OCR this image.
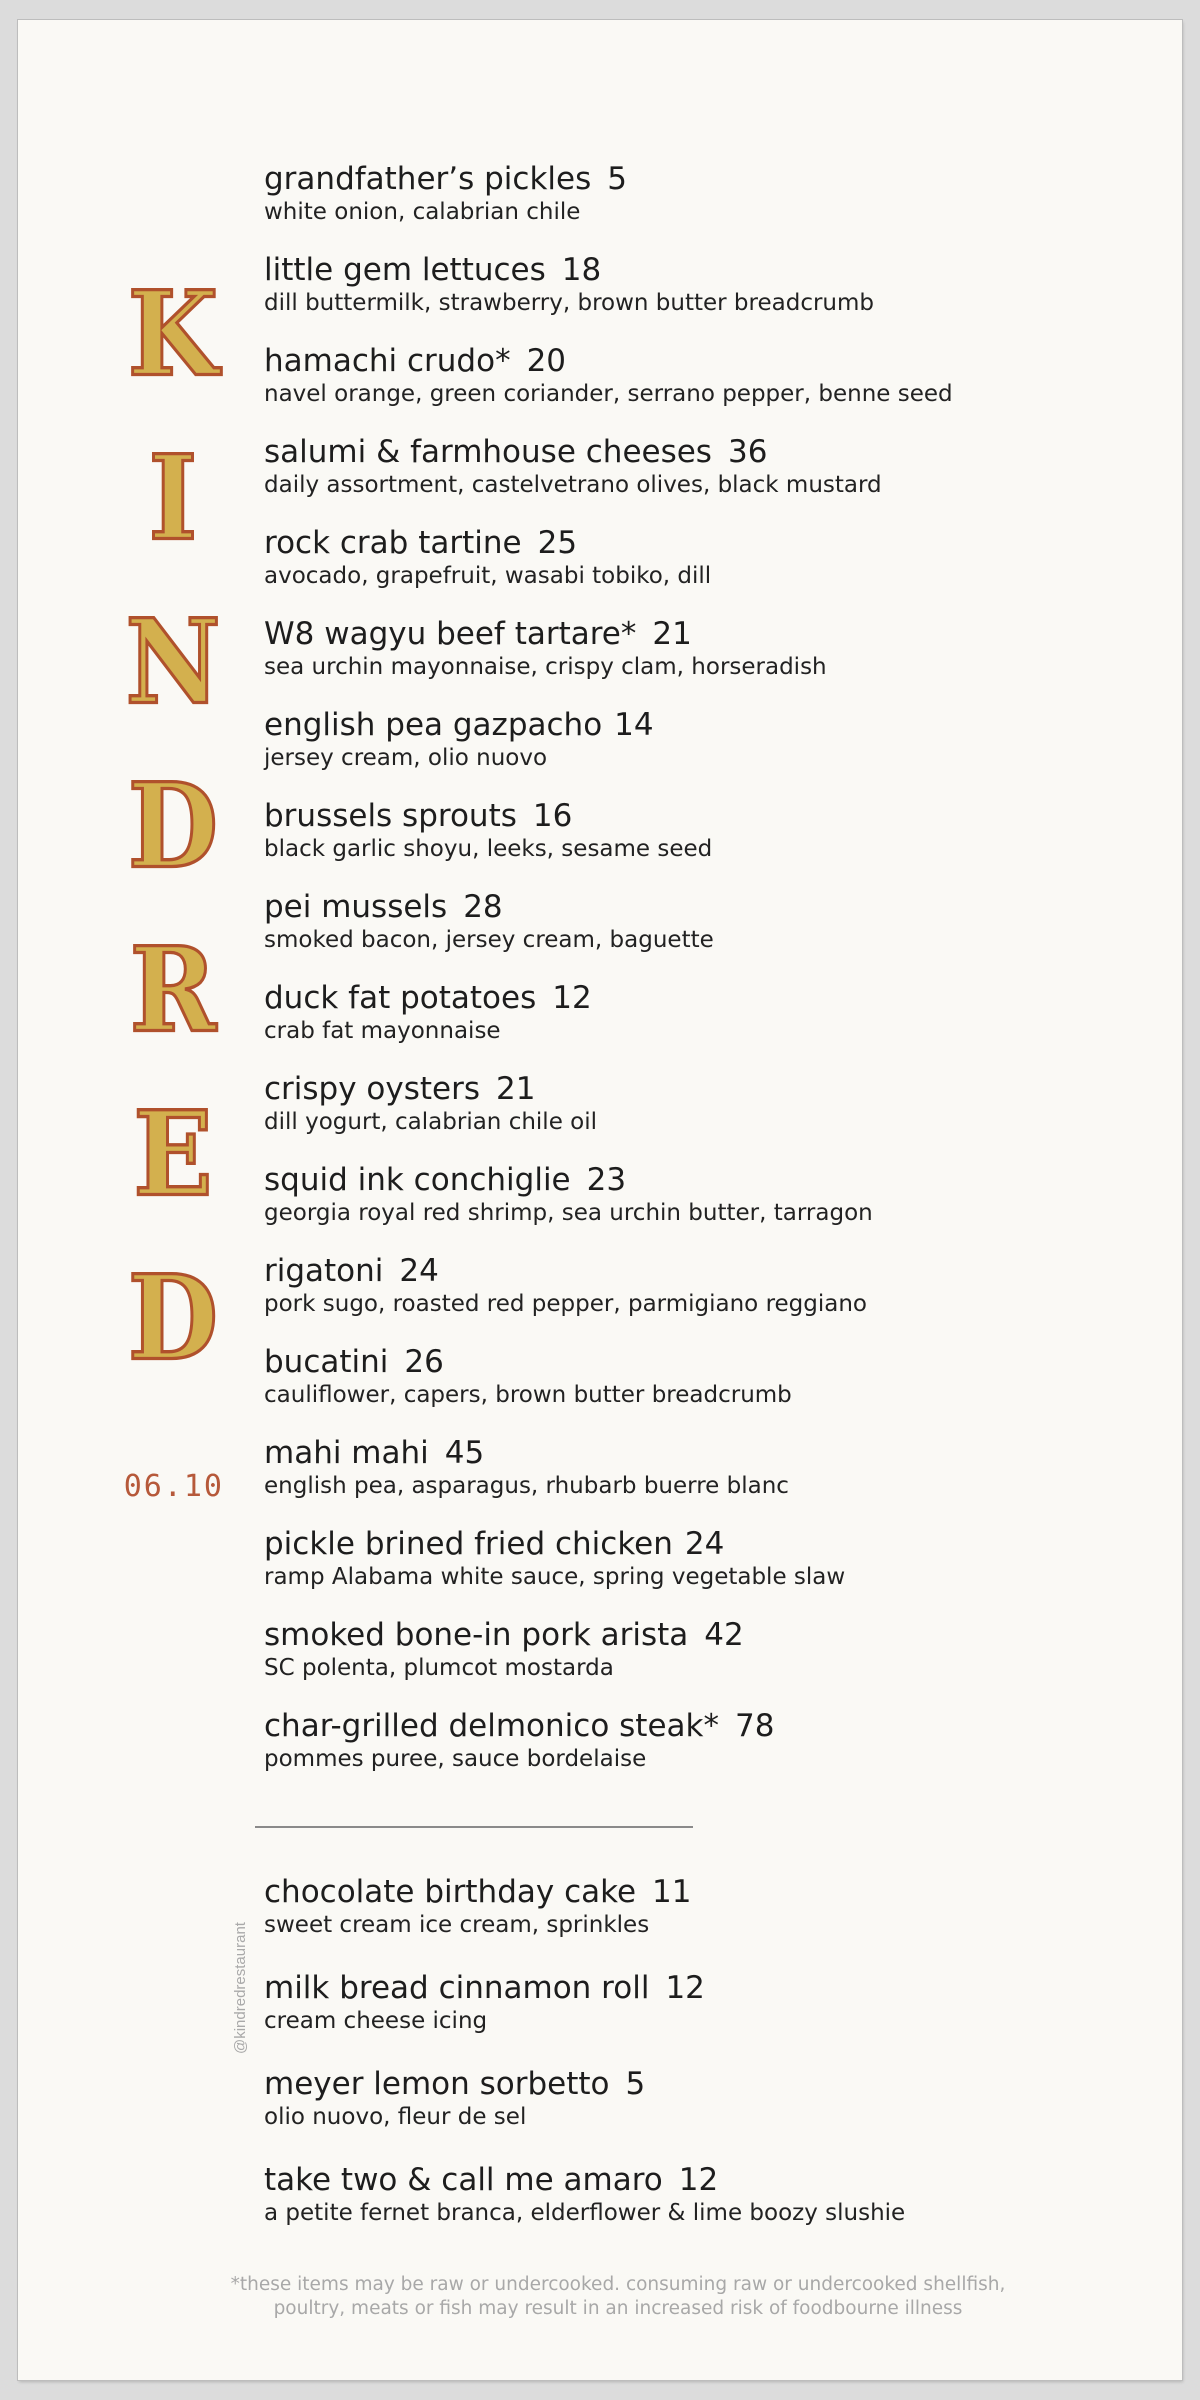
K
I
N
D
R
E
D

06.10

@kindredrestaurant

grandfather’s pickles 5
white onion, calabrian chile
little gem lettuces 18
dill buttermilk, strawberry, brown butter breadcrumb
hamachi crudo* 20
navel orange, green coriander, serrano pepper, benne seed
salumi & farmhouse cheeses 36
daily assortment, castelvetrano olives, black mustard
rock crab tartine 25
avocado, grapefruit, wasabi tobiko, dill
W8 wagyu beef tartare* 21
sea urchin mayonnaise, crispy clam, horseradish
english pea gazpacho 14
jersey cream, olio nuovo
brussels sprouts 16
black garlic shoyu, leeks, sesame seed
pei mussels 28
smoked bacon, jersey cream, baguette
duck fat potatoes 12
crab fat mayonnaise
crispy oysters 21
dill yogurt, calabrian chile oil
squid ink conchiglie 23
georgia royal red shrimp, sea urchin butter, tarragon
rigatoni 24
pork sugo, roasted red pepper, parmigiano reggiano
bucatini 26
cauliflower, capers, brown butter breadcrumb
mahi mahi 45
english pea, asparagus, rhubarb buerre blanc
pickle brined fried chicken 24
ramp Alabama white sauce, spring vegetable slaw
smoked bone-in pork arista 42
SC polenta, plumcot mostarda
char-grilled delmonico steak* 78
pommes puree, sauce bordelaise
chocolate birthday cake 11
sweet cream ice cream, sprinkles
milk bread cinnamon roll 12
cream cheese icing
meyer lemon sorbetto 5
olio nuovo, fleur de sel
take two & call me amaro 12
a petite fernet branca, elderflower & lime boozy slushie

*these items may be raw or undercooked. consuming raw or undercooked shellfish,
poultry, meats or fish may result in an increased risk of foodbourne illness
